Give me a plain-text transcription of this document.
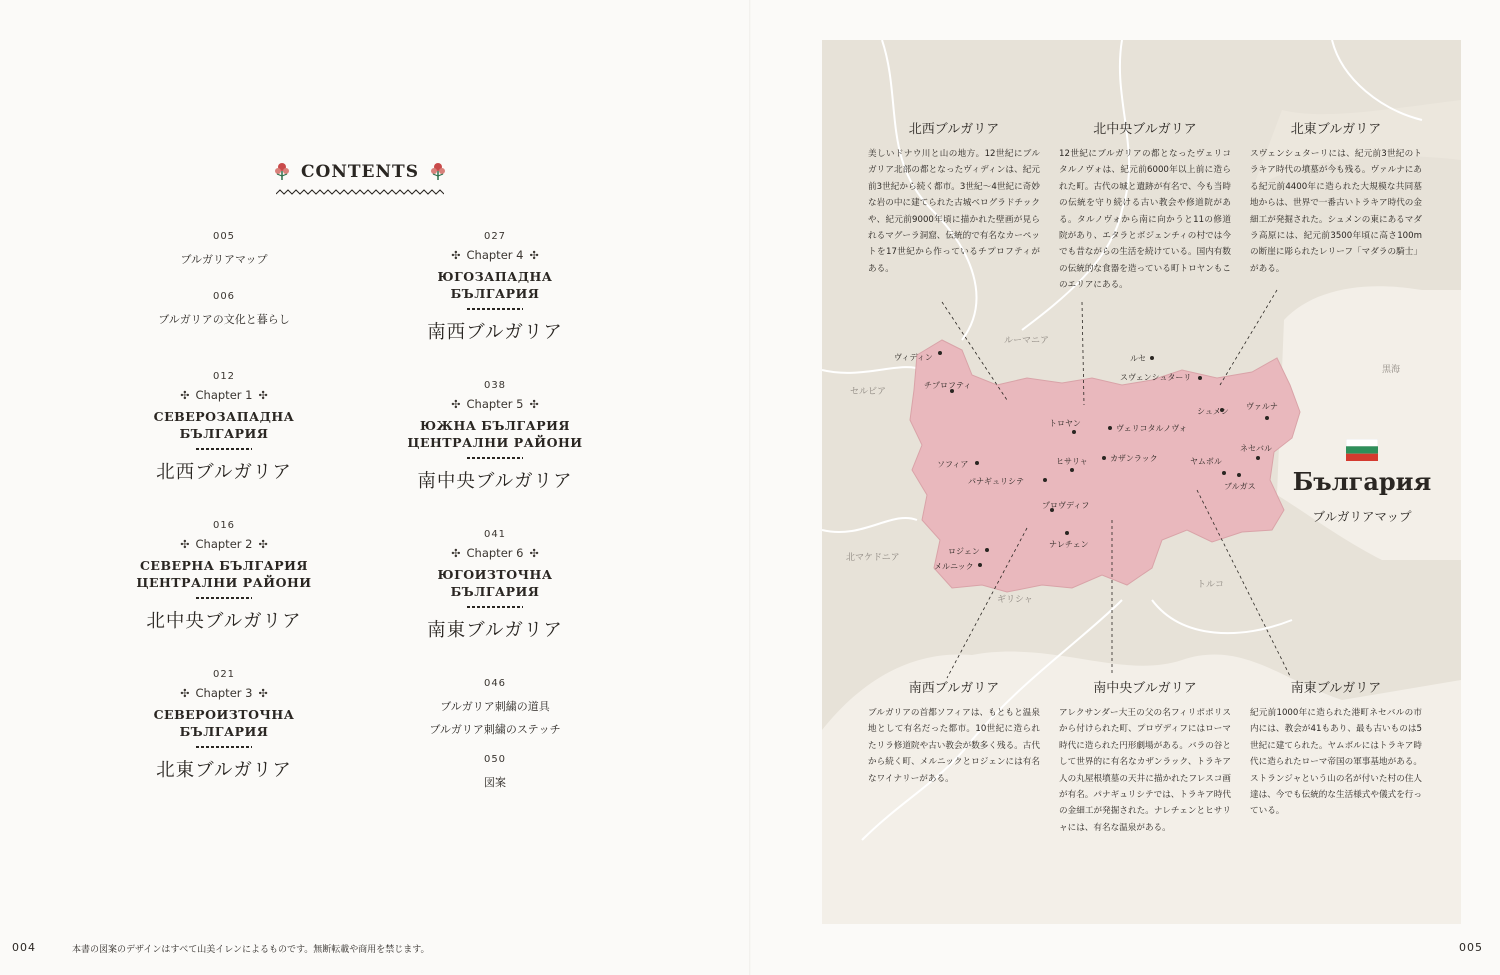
CONTENTS
005
ブルガリアマップ
006
ブルガリアの文化と暮らし
012
✣ Chapter 1 ✣
СЕВЕРОЗАПАДНА
БЪЛГАРИЯ
北西ブルガリア
016
✣ Chapter 2 ✣
СЕВЕРНА БЪЛГАРИЯ
ЦЕНТРАЛНИ РАЙОНИ
北中央ブルガリア
021
✣ Chapter 3 ✣
СЕВЕРОИЗТОЧНА
БЪЛГАРИЯ
北東ブルガリア
027
✣ Chapter 4 ✣
ЮГОЗАПАДНА
БЪЛГАРИЯ
南西ブルガリア
038
✣ Chapter 5 ✣
ЮЖНА БЪЛГАРИЯ
ЦЕНТРАЛНИ РАЙОНИ
南中央ブルガリア
041
✣ Chapter 6 ✣
ЮГОИЗТОЧНА
БЪЛГАРИЯ
南東ブルガリア
046
ブルガリア刺繍の道具
ブルガリア刺繍のステッチ
050
図案
004	本書の図案のデザインはすべて山美イレンによるものです。無断転載や商用を禁じます。	005
ルーマニア
セルビア
黒海
北マケドニア
ギリシャ
トルコ
ヴィディン
チプロフティ
ルセ
スヴェンシュターリ
シュメン
ヴァルナ
トロヤン
ヴェリコタルノヴォ
ネセバル
ソフィア	ヒサリャ	カザンラック	ヤムボル
パナギュリシテ
ブルガス
プロヴディフ
ナレチェン
ロジェン
メルニック
北西ブルガリア
美しいドナウ川と山の地方。12世紀にブルガリア北部の都となったヴィディンは、紀元前3世紀から続く都市。3世紀～4世紀に奇妙な岩の中に建てられた古城ベログラドチックや、紀元前9000年頃に描かれた壁画が見られるマグーラ洞窟、伝統的で有名なカーペットを17世紀から作っているチプロフティがある。
北中央ブルガリア
12世紀にブルガリアの都となったヴェリコタルノヴォは、紀元前6000年以上前に造られた町。古代の城と遺跡が有名で、今も当時の伝統を守り続ける古い教会や修道院がある。タルノヴォから南に向かうと11の修道院があり、エタラとボジェンチィの村では今でも昔ながらの生活を続けている。国内有数の伝統的な食器を造っている町トロヤンもこのエリアにある。
北東ブルガリア
スヴェンシュターリには、紀元前3世紀のトラキア時代の墳墓が今も残る。ヴァルナにある紀元前4400年に造られた大規模な共同墓地からは、世界で一番古いトラキア時代の金細工が発掘された。シュメンの東にあるマダラ高原には、紀元前3500年頃に高さ100mの断崖に彫られたレリーフ「マダラの騎士」がある。
南西ブルガリア
ブルガリアの首都ソフィアは、もともと温泉地として有名だった都市。10世紀に造られたリラ修道院や古い教会が数多く残る。古代から続く町、メルニックとロジェンには有名なワイナリーがある。
南中央ブルガリア
アレクサンダー大王の父の名フィリポポリスから付けられた町、プロヴディフにはローマ時代に造られた円形劇場がある。バラの谷として世界的に有名なカザンラック、トラキア人の丸屋根墳墓の天井に描かれたフレスコ画が有名。パナギュリシテでは、トラキア時代の金細工が発掘された。ナレチェンとヒサリャには、有名な温泉がある。
南東ブルガリア
紀元前1000年に造られた港町ネセバルの市内には、教会が41もあり、最も古いものは5世紀に建てられた。ヤムボルにはトラキア時代に造られたローマ帝国の軍事基地がある。ストランジャという山の名が付いた村の住人達は、今でも伝統的な生活様式や儀式を行っている。
България
ブルガリアマップ
